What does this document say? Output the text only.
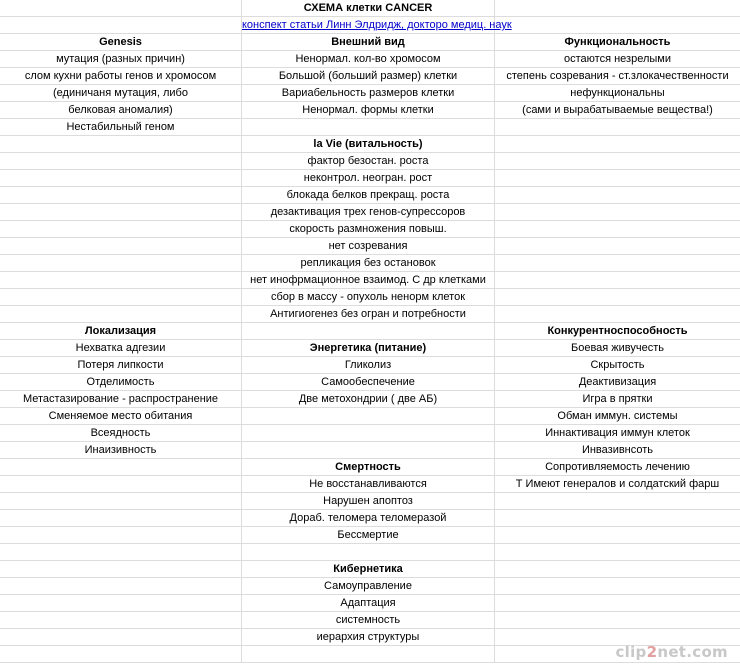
	СХЕМА клетки CANCER	
	конспект статьи Линн Элдридж, докторо медиц. наук	
Genesis	Внешний вид	Функциональность
мутация (разных причин)	Ненормал. кол-во хромосом	остаются незрелыми
слом кухни работы генов и хромосом	Большой (больший размер) клетки	степень созревания - ст.злокачественности
(единичаня мутация, либо	Вариабельность размеров клетки	нефункциональны
белковая аномалия)	Ненормал. формы клетки	(сами и вырабатываемые вещества!)
Нестабильный геном		
	la Vie (витальность)	
	фактор безостан. роста	
	неконтрол. неогран. рост	
	блокада белков прекращ. роста	
	дезактивация трех генов-супрессоров	
	скорость размножения повыш.	
	нет созревания	
	репликация без остановок	
	нет инофрмационное взаимод. С др клетками	
	сбор в массу - опухоль ненорм клеток	
	Антигиогенез без огран и потребности	
Локализация		Конкурентноспособность
Нехватка адгезии	Энергетика (питание)	Боевая живучесть
Потеря липкости	Гликолиз	Скрытость
Отделимость	Самообеспечение	Деактивизация
Метастазирование - распространение	Две метохондрии ( две АБ)	Игра в прятки
Сменяемое место обитания		Обман иммун. системы
Всеядность		Иннактивация иммун клеток
Инаизивность		Инвазивнсоть
	Смертность	Сопротивляемость лечению
	Не восстанавливаются	Т Имеют генералов и солдатский фарш
	Нарушен апоптоз	
	Дораб. теломера теломеразой	
	Бессмертие	

	Кибернетика	
	Самоуправление	
	Адаптация	
	системность	
	иерархия структуры	

clip2net.com
